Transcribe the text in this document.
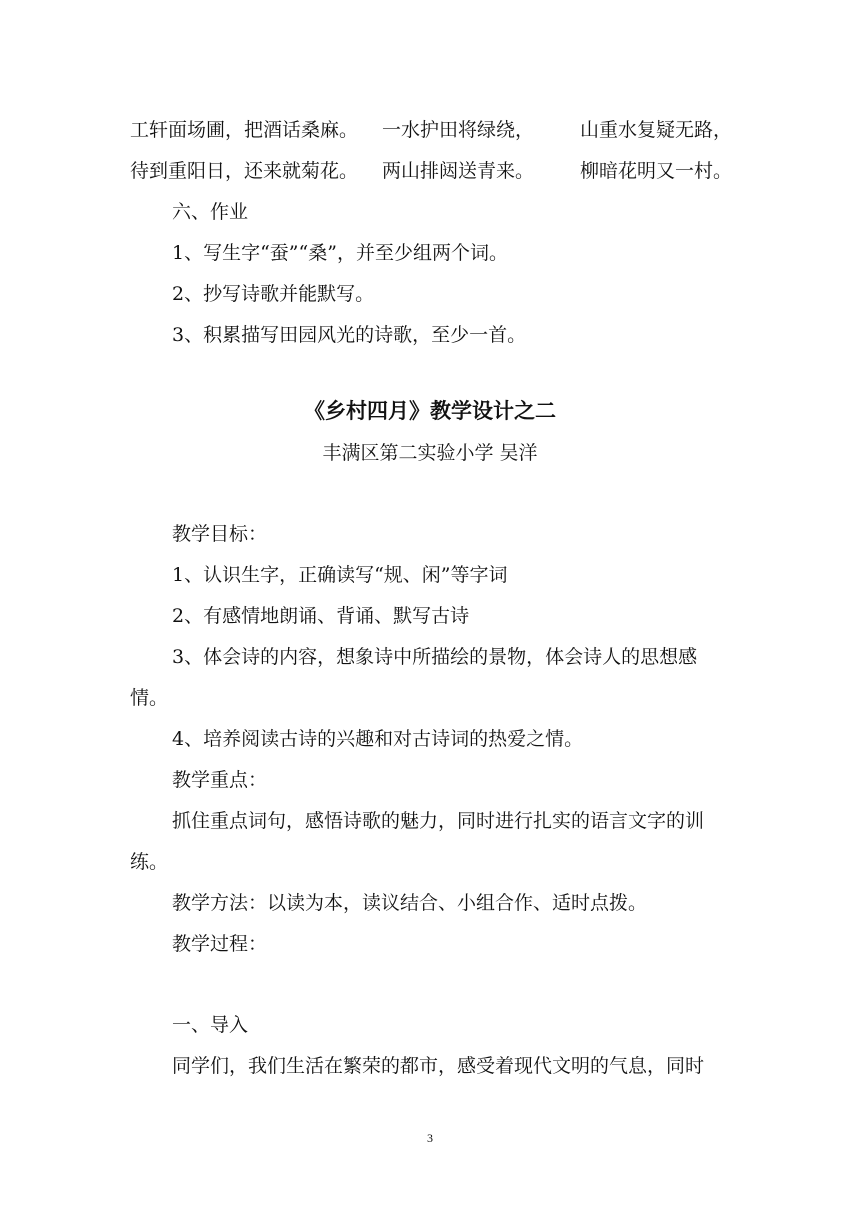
工轩面场圃，把酒话桑麻。 一水护田将绿绕， 山重水复疑无路，
待到重阳日，还来就菊花。 两山排闼送青来。 柳暗花明又一村。
六、作业
1、写生字“蚕”“桑”，并至少组两个词。
2、抄写诗歌并能默写。
3、积累描写田园风光的诗歌，至少一首。
《乡村四月》教学设计之二
丰满区第二实验小学 吴洋
教学目标：
1、认识生字，正确读写“规、闲”等字词
2、有感情地朗诵、背诵、默写古诗
3、体会诗的内容，想象诗中所描绘的景物，体会诗人的思想感
情。
4、培养阅读古诗的兴趣和对古诗词的热爱之情。
教学重点：
抓住重点词句，感悟诗歌的魅力，同时进行扎实的语言文字的训
练。
教学方法：以读为本，读议结合、小组合作、适时点拨。
教学过程：
一、导入
同学们，我们生活在繁荣的都市，感受着现代文明的气息，同时
3
